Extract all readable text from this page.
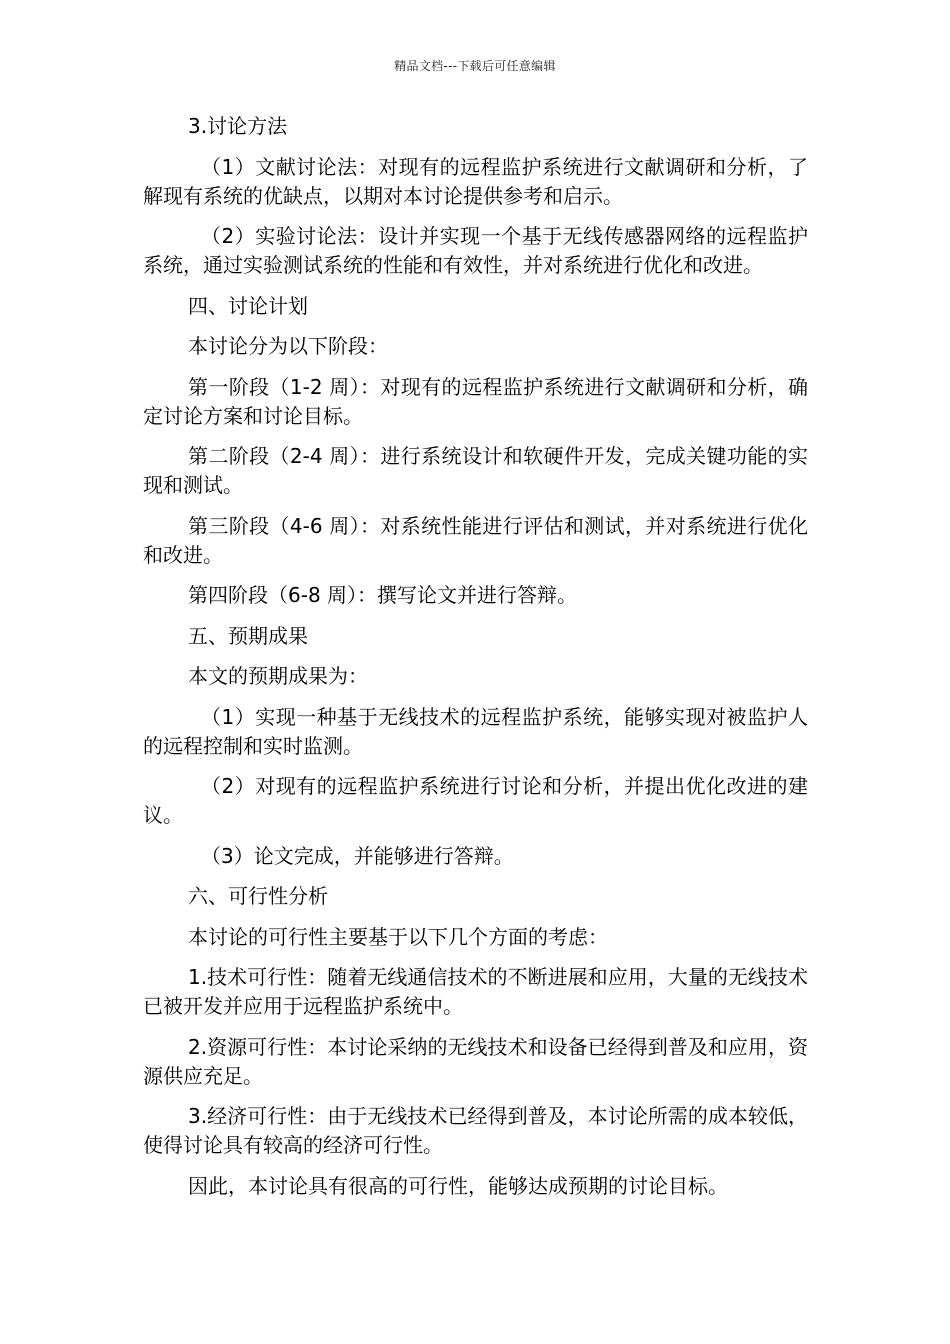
精品文档---下载后可任意编辑

3.讨论方法

（1）文献讨论法：对现有的远程监护系统进行文献调研和分析，了解现有系统的优缺点，以期对本讨论提供参考和启示。

（2）实验讨论法：设计并实现一个基于无线传感器网络的远程监护系统，通过实验测试系统的性能和有效性，并对系统进行优化和改进。

四、讨论计划

本讨论分为以下阶段：

第一阶段（1-2 周）：对现有的远程监护系统进行文献调研和分析，确定讨论方案和讨论目标。

第二阶段（2-4 周）：进行系统设计和软硬件开发，完成关键功能的实现和测试。

第三阶段（4-6 周）：对系统性能进行评估和测试，并对系统进行优化和改进。

第四阶段（6-8 周）：撰写论文并进行答辩。

五、预期成果

本文的预期成果为：

（1）实现一种基于无线技术的远程监护系统，能够实现对被监护人的远程控制和实时监测。

（2）对现有的远程监护系统进行讨论和分析，并提出优化改进的建议。

（3）论文完成，并能够进行答辩。

六、可行性分析

本讨论的可行性主要基于以下几个方面的考虑：

1.技术可行性：随着无线通信技术的不断进展和应用，大量的无线技术已被开发并应用于远程监护系统中。

2.资源可行性：本讨论采纳的无线技术和设备已经得到普及和应用，资源供应充足。

3.经济可行性：由于无线技术已经得到普及，本讨论所需的成本较低，使得讨论具有较高的经济可行性。

因此，本讨论具有很高的可行性，能够达成预期的讨论目标。
